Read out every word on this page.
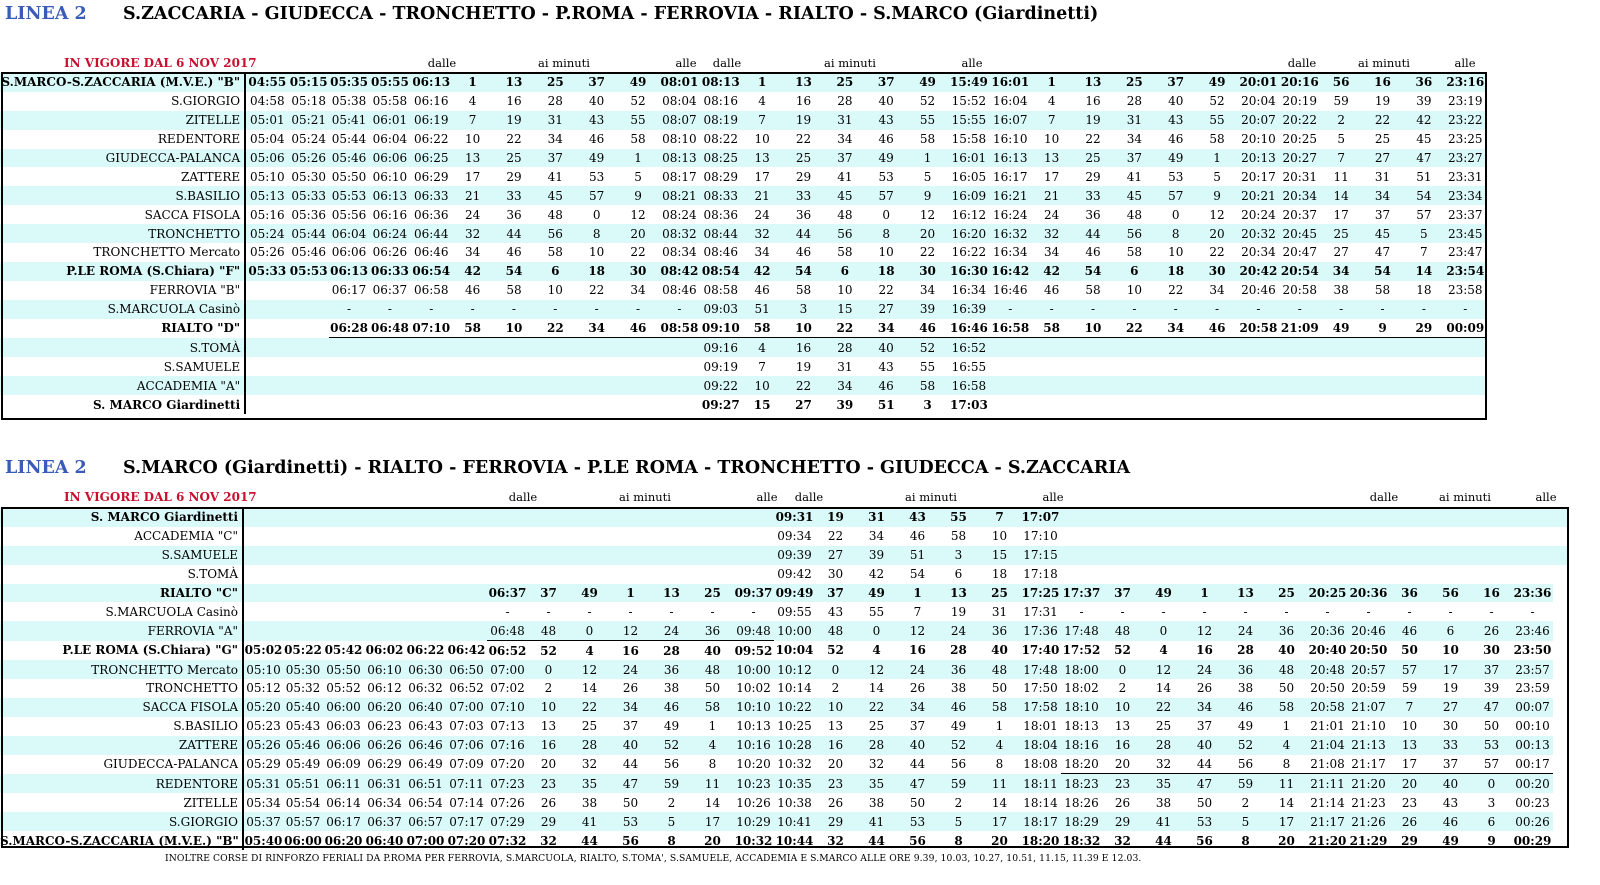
LINEA 2 S.ZACCARIA - GIUDECCA - TRONCHETTO - P.ROMA - FERROVIA - RIALTO - S.MARCO (Giardinetti)
IN VIGORE DAL 6 NOV 2017	dalle	ai minuti	alle dalle	ai minuti	alle	dalle	ai minuti	alle
S.MARCO-S.ZACCARIA (M.V.E.) "B"	04:55	05:15	05:35	05:55	06:13	1	13	25	37	49	08:01	08:13	1	13	25	37	49	15:49	16:01	1	13	25	37	49	20:01	20:16	56	16	36	23:16
S.GIORGIO	04:58	05:18	05:38	05:58	06:16	4	16	28	40	52	08:04	08:16	4	16	28	40	52	15:52	16:04	4	16	28	40	52	20:04	20:19	59	19	39	23:19
ZITELLE	05:01	05:21	05:41	06:01	06:19	7	19	31	43	55	08:07	08:19	7	19	31	43	55	15:55	16:07	7	19	31	43	55	20:07	20:22	2	22	42	23:22
REDENTORE	05:04	05:24	05:44	06:04	06:22	10	22	34	46	58	08:10	08:22	10	22	34	46	58	15:58	16:10	10	22	34	46	58	20:10	20:25	5	25	45	23:25
GIUDECCA-PALANCA	05:06	05:26	05:46	06:06	06:25	13	25	37	49	1	08:13	08:25	13	25	37	49	1	16:01	16:13	13	25	37	49	1	20:13	20:27	7	27	47	23:27
ZATTERE	05:10	05:30	05:50	06:10	06:29	17	29	41	53	5	08:17	08:29	17	29	41	53	5	16:05	16:17	17	29	41	53	5	20:17	20:31	11	31	51	23:31
S.BASILIO	05:13	05:33	05:53	06:13	06:33	21	33	45	57	9	08:21	08:33	21	33	45	57	9	16:09	16:21	21	33	45	57	9	20:21	20:34	14	34	54	23:34
SACCA FISOLA	05:16	05:36	05:56	06:16	06:36	24	36	48	0	12	08:24	08:36	24	36	48	0	12	16:12	16:24	24	36	48	0	12	20:24	20:37	17	37	57	23:37
TRONCHETTO	05:24	05:44	06:04	06:24	06:44	32	44	56	8	20	08:32	08:44	32	44	56	8	20	16:20	16:32	32	44	56	8	20	20:32	20:45	25	45	5	23:45
TRONCHETTO Mercato	05:26	05:46	06:06	06:26	06:46	34	46	58	10	22	08:34	08:46	34	46	58	10	22	16:22	16:34	34	46	58	10	22	20:34	20:47	27	47	7	23:47
P.LE ROMA (S.Chiara) "F"	05:33	05:53	06:13	06:33	06:54	42	54	6	18	30	08:42	08:54	42	54	6	18	30	16:30	16:42	42	54	6	18	30	20:42	20:54	34	54	14	23:54
FERROVIA "B"			06:17	06:37	06:58	46	58	10	22	34	08:46	08:58	46	58	10	22	34	16:34	16:46	46	58	10	22	34	20:46	20:58	38	58	18	23:58
S.MARCUOLA Casinò			-	-	-	-	-	-	-	-	-	09:03	51	3	15	27	39	16:39	-	-	-	-	-	-	-	-	-	-	-	-
RIALTO "D"			06:28	06:48	07:10	58	10	22	34	46	08:58	09:10	58	10	22	34	46	16:46	16:58	58	10	22	34	46	20:58	21:09	49	9	29	00:09
S.TOMÀ												09:16	4	16	28	40	52	16:52												
S.SAMUELE												09:19	7	19	31	43	55	16:55												
ACCADEMIA "A"												09:22	10	22	34	46	58	16:58												
S. MARCO Giardinetti												09:27	15	27	39	51	3	17:03												
LINEA 2 S.MARCO (Giardinetti) - RIALTO - FERROVIA - P.LE ROMA - TRONCHETTO - GIUDECCA - S.ZACCARIA
IN VIGORE DAL 6 NOV 2017	dalle	ai minuti	alle dalle	ai minuti	alle	dalle	ai minuti	alle
S. MARCO Giardinetti															09:31	19	31	43	55	7	17:07													
ACCADEMIA "C"															09:34	22	34	46	58	10	17:10													
S.SAMUELE															09:39	27	39	51	3	15	17:15													
S.TOMÀ															09:42	30	42	54	6	18	17:18													
RIALTO "C"							06:37	37	49	1	13	25	09:37		09:49	37	49	1	13	25	17:25	17:37	37	49	1	13	25	20:25	20:36	36	56	16	23:36	
S.MARCUOLA Casinò							-	-	-	-	-	-	-		09:55	43	55	7	19	31	17:31	-	-	-	-	-	-	-	-	-	-	-	-	
FERROVIA "A"							06:48	48	0	12	24	36	09:48		10:00	48	0	12	24	36	17:36	17:48	48	0	12	24	36	20:36	20:46	46	6	26	23:46	
P.LE ROMA (S.Chiara) "G"	05:02	05:22	05:42	06:02	06:22	06:42	06:52	52	4	16	28	40	09:52		10:04	52	4	16	28	40	17:40	17:52	52	4	16	28	40	20:40	20:50	50	10	30	23:50	
TRONCHETTO Mercato	05:10	05:30	05:50	06:10	06:30	06:50	07:00	0	12	24	36	48	10:00		10:12	0	12	24	36	48	17:48	18:00	0	12	24	36	48	20:48	20:57	57	17	37	23:57	
TRONCHETTO	05:12	05:32	05:52	06:12	06:32	06:52	07:02	2	14	26	38	50	10:02		10:14	2	14	26	38	50	17:50	18:02	2	14	26	38	50	20:50	20:59	59	19	39	23:59	
SACCA FISOLA	05:20	05:40	06:00	06:20	06:40	07:00	07:10	10	22	34	46	58	10:10		10:22	10	22	34	46	58	17:58	18:10	10	22	34	46	58	20:58	21:07	7	27	47	00:07	
S.BASILIO	05:23	05:43	06:03	06:23	06:43	07:03	07:13	13	25	37	49	1	10:13		10:25	13	25	37	49	1	18:01	18:13	13	25	37	49	1	21:01	21:10	10	30	50	00:10	
ZATTERE	05:26	05:46	06:06	06:26	06:46	07:06	07:16	16	28	40	52	4	10:16		10:28	16	28	40	52	4	18:04	18:16	16	28	40	52	4	21:04	21:13	13	33	53	00:13	
GIUDECCA-PALANCA	05:29	05:49	06:09	06:29	06:49	07:09	07:20	20	32	44	56	8	10:20		10:32	20	32	44	56	8	18:08	18:20	20	32	44	56	8	21:08	21:17	17	37	57	00:17	
REDENTORE	05:31	05:51	06:11	06:31	06:51	07:11	07:23	23	35	47	59	11	10:23		10:35	23	35	47	59	11	18:11	18:23	23	35	47	59	11	21:11	21:20	20	40	0	00:20	
ZITELLE	05:34	05:54	06:14	06:34	06:54	07:14	07:26	26	38	50	2	14	10:26		10:38	26	38	50	2	14	18:14	18:26	26	38	50	2	14	21:14	21:23	23	43	3	00:23	
S.GIORGIO	05:37	05:57	06:17	06:37	06:57	07:17	07:29	29	41	53	5	17	10:29		10:41	29	41	53	5	17	18:17	18:29	29	41	53	5	17	21:17	21:26	26	46	6	00:26	
S.MARCO-S.ZACCARIA (M.V.E.) "B"	05:40	06:00	06:20	06:40	07:00	07:20	07:32	32	44	56	8	20	10:32		10:44	32	44	56	8	20	18:20	18:32	32	44	56	8	20	21:20	21:29	29	49	9	00:29	
INOLTRE CORSE DI RINFORZO FERIALI DA P.ROMA PER FERROVIA, S.MARCUOLA, RIALTO, S.TOMA', S.SAMUELE, ACCADEMIA E S.MARCO ALLE ORE 9.39, 10.03, 10.27, 10.51, 11.15, 11.39 E 12.03.
